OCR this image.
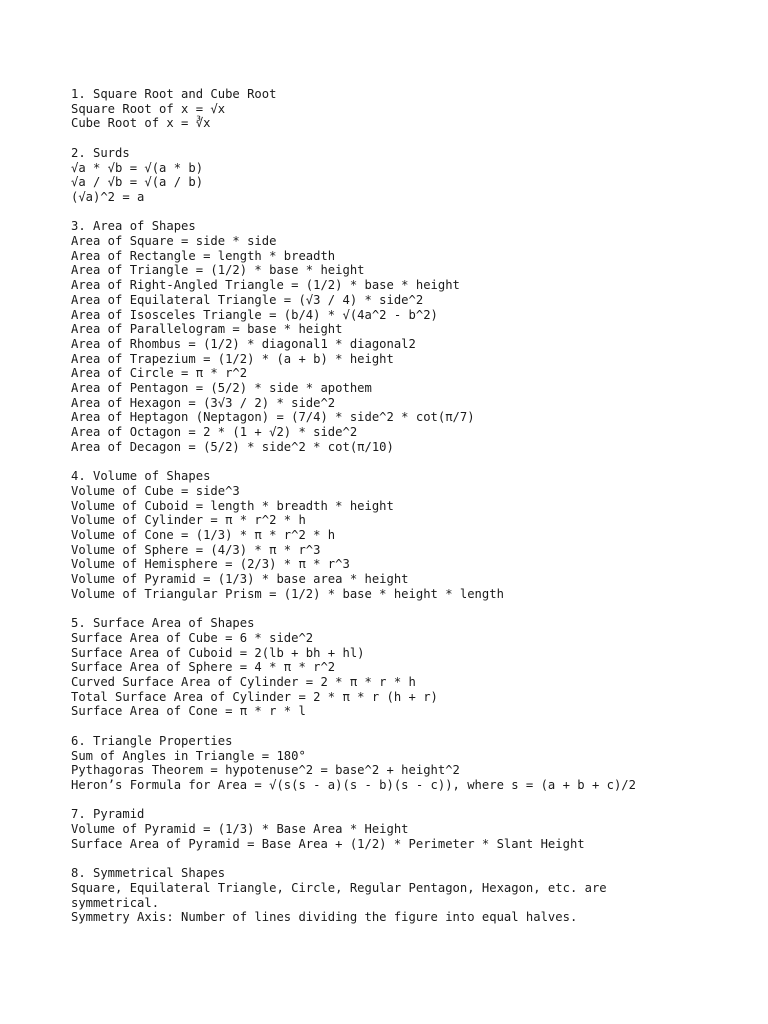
1. Square Root and Cube Root
Square Root of x = √x
Cube Root of x = ∛x
2. Surds
√a * √b = √(a * b)
√a / √b = √(a / b)
(√a)^2 = a
3. Area of Shapes
Area of Square = side * side
Area of Rectangle = length * breadth
Area of Triangle = (1/2) * base * height
Area of Right-Angled Triangle = (1/2) * base * height
Area of Equilateral Triangle = (√3 / 4) * side^2
Area of Isosceles Triangle = (b/4) * √(4a^2 - b^2)
Area of Parallelogram = base * height
Area of Rhombus = (1/2) * diagonal1 * diagonal2
Area of Trapezium = (1/2) * (a + b) * height
Area of Circle = π * r^2
Area of Pentagon = (5/2) * side * apothem
Area of Hexagon = (3√3 / 2) * side^2
Area of Heptagon (Neptagon) = (7/4) * side^2 * cot(π/7)
Area of Octagon = 2 * (1 + √2) * side^2
Area of Decagon = (5/2) * side^2 * cot(π/10)
4. Volume of Shapes
Volume of Cube = side^3
Volume of Cuboid = length * breadth * height
Volume of Cylinder = π * r^2 * h
Volume of Cone = (1/3) * π * r^2 * h
Volume of Sphere = (4/3) * π * r^3
Volume of Hemisphere = (2/3) * π * r^3
Volume of Pyramid = (1/3) * base area * height
Volume of Triangular Prism = (1/2) * base * height * length
5. Surface Area of Shapes
Surface Area of Cube = 6 * side^2
Surface Area of Cuboid = 2(lb + bh + hl)
Surface Area of Sphere = 4 * π * r^2
Curved Surface Area of Cylinder = 2 * π * r * h
Total Surface Area of Cylinder = 2 * π * r (h + r)
Surface Area of Cone = π * r * l
6. Triangle Properties
Sum of Angles in Triangle = 180°
Pythagoras Theorem = hypotenuse^2 = base^2 + height^2
Heron’s Formula for Area = √(s(s - a)(s - b)(s - c)), where s = (a + b + c)/2
7. Pyramid
Volume of Pyramid = (1/3) * Base Area * Height
Surface Area of Pyramid = Base Area + (1/2) * Perimeter * Slant Height
8. Symmetrical Shapes
Square, Equilateral Triangle, Circle, Regular Pentagon, Hexagon, etc. are
symmetrical.
Symmetry Axis: Number of lines dividing the figure into equal halves.
